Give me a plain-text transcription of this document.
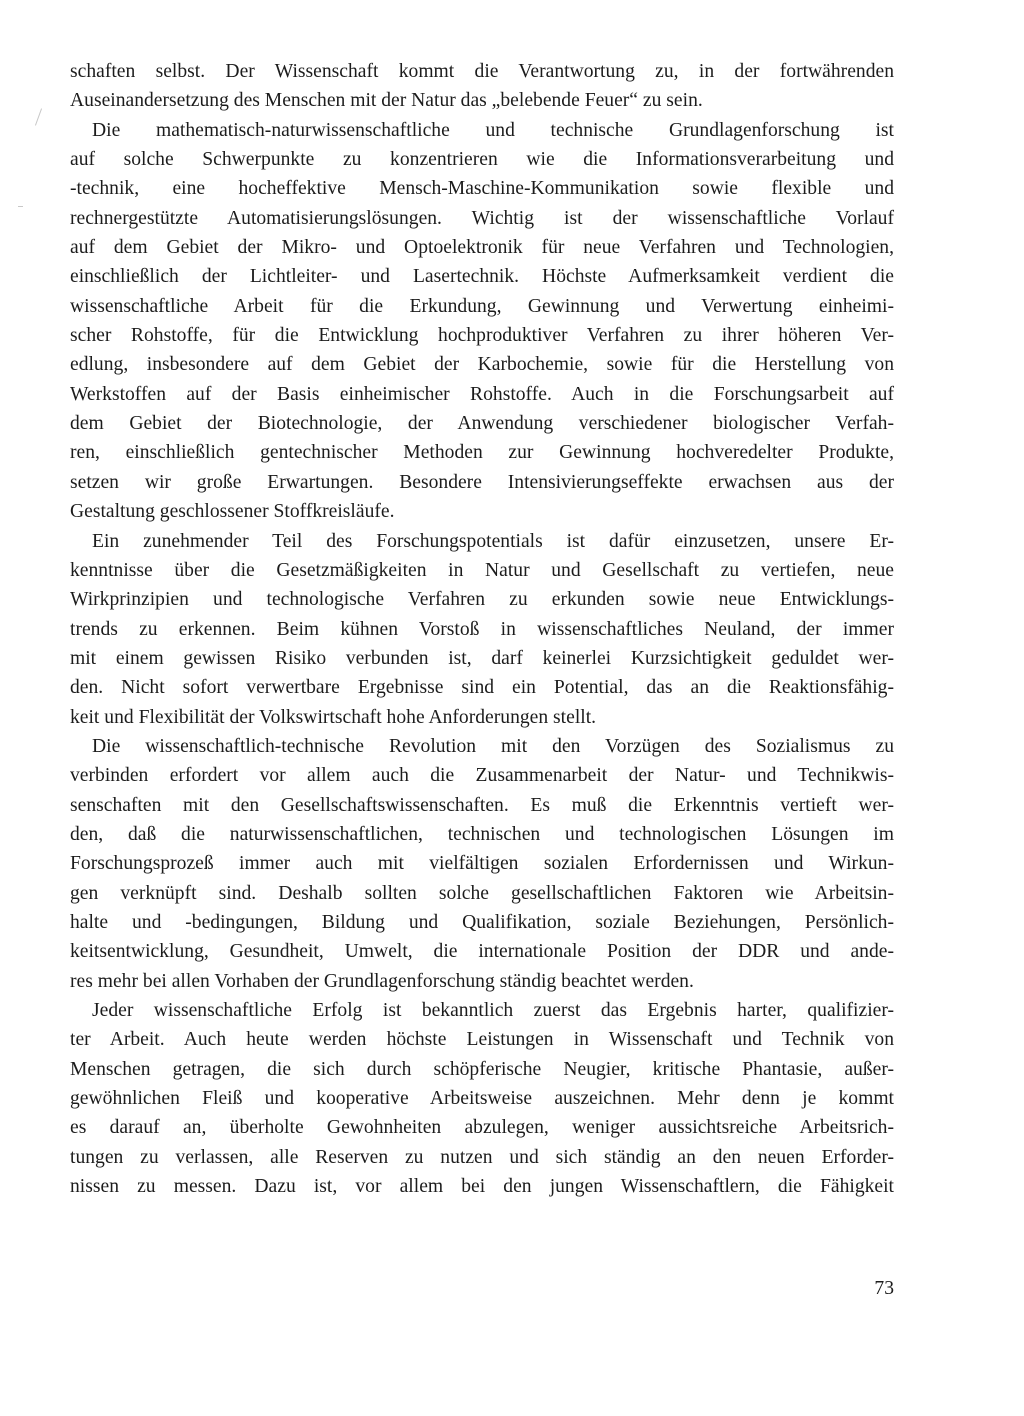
schaften selbst. Der Wissenschaft kommt die Verantwortung zu, in der fortwährenden
Auseinandersetzung des Menschen mit der Natur das „belebende Feuer“ zu sein.
Die mathematisch-naturwissenschaftliche und technische Grundlagenforschung ist
auf solche Schwerpunkte zu konzentrieren wie die Informationsverarbeitung und
-technik, eine hocheffektive Mensch-Maschine-Kommunikation sowie flexible und
rechnergestützte Automatisierungslösungen. Wichtig ist der wissenschaftliche Vorlauf
auf dem Gebiet der Mikro- und Optoelektronik für neue Verfahren und Technologien,
einschließlich der Lichtleiter- und Lasertechnik. Höchste Aufmerksamkeit verdient die
wissenschaftliche Arbeit für die Erkundung, Gewinnung und Verwertung einheimi-
scher Rohstoffe, für die Entwicklung hochproduktiver Verfahren zu ihrer höheren Ver-
edlung, insbesondere auf dem Gebiet der Karbochemie, sowie für die Herstellung von
Werkstoffen auf der Basis einheimischer Rohstoffe. Auch in die Forschungsarbeit auf
dem Gebiet der Biotechnologie, der Anwendung verschiedener biologischer Verfah-
ren, einschließlich gentechnischer Methoden zur Gewinnung hochveredelter Produkte,
setzen wir große Erwartungen. Besondere Intensivierungseffekte erwachsen aus der
Gestaltung geschlossener Stoffkreisläufe.
Ein zunehmender Teil des Forschungspotentials ist dafür einzusetzen, unsere Er-
kenntnisse über die Gesetzmäßigkeiten in Natur und Gesellschaft zu vertiefen, neue
Wirkprinzipien und technologische Verfahren zu erkunden sowie neue Entwicklungs-
trends zu erkennen. Beim kühnen Vorstoß in wissenschaftliches Neuland, der immer
mit einem gewissen Risiko verbunden ist, darf keinerlei Kurzsichtigkeit geduldet wer-
den. Nicht sofort verwertbare Ergebnisse sind ein Potential, das an die Reaktionsfähig-
keit und Flexibilität der Volkswirtschaft hohe Anforderungen stellt.
Die wissenschaftlich-technische Revolution mit den Vorzügen des Sozialismus zu
verbinden erfordert vor allem auch die Zusammenarbeit der Natur- und Technikwis-
senschaften mit den Gesellschaftswissenschaften. Es muß die Erkenntnis vertieft wer-
den, daß die naturwissenschaftlichen, technischen und technologischen Lösungen im
Forschungsprozeß immer auch mit vielfältigen sozialen Erfordernissen und Wirkun-
gen verknüpft sind. Deshalb sollten solche gesellschaftlichen Faktoren wie Arbeitsin-
halte und -bedingungen, Bildung und Qualifikation, soziale Beziehungen, Persönlich-
keitsentwicklung, Gesundheit, Umwelt, die internationale Position der DDR und ande-
res mehr bei allen Vorhaben der Grundlagenforschung ständig beachtet werden.
Jeder wissenschaftliche Erfolg ist bekanntlich zuerst das Ergebnis harter, qualifizier-
ter Arbeit. Auch heute werden höchste Leistungen in Wissenschaft und Technik von
Menschen getragen, die sich durch schöpferische Neugier, kritische Phantasie, außer-
gewöhnlichen Fleiß und kooperative Arbeitsweise auszeichnen. Mehr denn je kommt
es darauf an, überholte Gewohnheiten abzulegen, weniger aussichtsreiche Arbeitsrich-
tungen zu verlassen, alle Reserven zu nutzen und sich ständig an den neuen Erforder-
nissen zu messen. Dazu ist, vor allem bei den jungen Wissenschaftlern, die Fähigkeit
73
